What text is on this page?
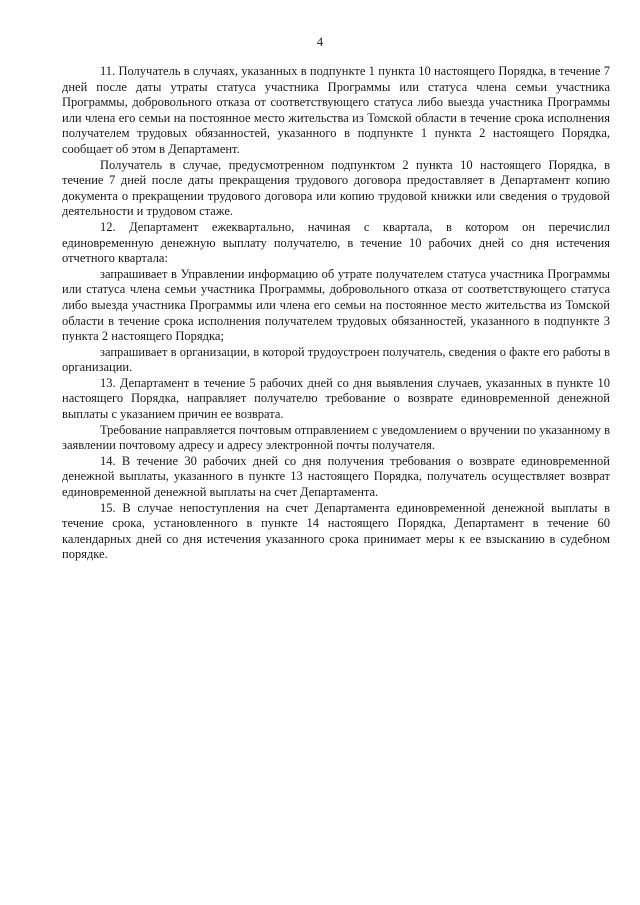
4

11. Получатель в случаях, указанных в подпункте 1 пункта 10 настоящего Порядка, в течение 7 дней после даты утраты статуса участника Программы или статуса члена семьи участника Программы, добровольного отказа от соответствующего статуса либо выезда участника Программы или члена его семьи на постоянное место жительства из Томской области в течение срока исполнения получателем трудовых обязанностей, указанного в подпункте 1 пункта 2 настоящего Порядка, сообщает об этом в Департамент.

Получатель в случае, предусмотренном подпунктом 2 пункта 10 настоящего Порядка, в течение 7 дней после даты прекращения трудового договора предоставляет в Департамент копию документа о прекращении трудового договора или копию трудовой книжки или сведения о трудовой деятельности и трудовом стаже.

12. Департамент ежеквартально, начиная с квартала, в котором он перечислил единовременную денежную выплату получателю, в течение 10 рабочих дней со дня истечения отчетного квартала:

запрашивает в Управлении информацию об утрате получателем статуса участника Программы или статуса члена семьи участника Программы, добровольного отказа от соответствующего статуса либо выезда участника Программы или члена его семьи на постоянное место жительства из Томской области в течение срока исполнения получателем трудовых обязанностей, указанного в подпункте 3 пункта 2 настоящего Порядка;

запрашивает в организации, в которой трудоустроен получатель, сведения о факте его работы в организации.

13. Департамент в течение 5 рабочих дней со дня выявления случаев, указанных в пункте 10 настоящего Порядка, направляет получателю требование о возврате единовременной денежной выплаты с указанием причин ее возврата.

Требование направляется почтовым отправлением с уведомлением о вручении по указанному в заявлении почтовому адресу и адресу электронной почты получателя.

14. В течение 30 рабочих дней со дня получения требования о возврате единовременной денежной выплаты, указанного в пункте 13 настоящего Порядка, получатель осуществляет возврат единовременной денежной выплаты на счет Департамента.

15. В случае непоступления на счет Департамента единовременной денежной выплаты в течение срока, установленного в пункте 14 настоящего Порядка, Департамент в течение 60 календарных дней со дня истечения указанного срока принимает меры к ее взысканию в судебном порядке.
